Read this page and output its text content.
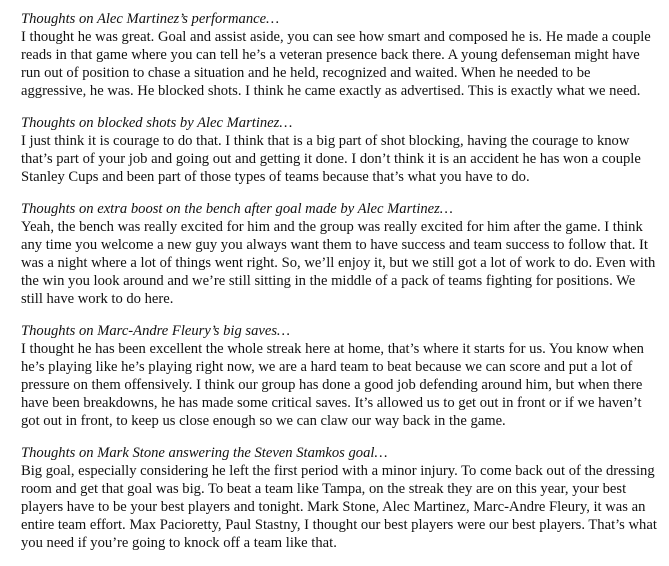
Thoughts on Alec Martinez’s performance…

I thought he was great. Goal and assist aside, you can see how smart and composed he is. He made a couple reads in that game where you can tell he’s a veteran presence back there. A young defenseman might have run out of position to chase a situation and he held, recognized and waited. When he needed to be aggressive, he was. He blocked shots. I think he came exactly as advertised. This is exactly what we need.

Thoughts on blocked shots by Alec Martinez…

I just think it is courage to do that. I think that is a big part of shot blocking, having the courage to know that’s part of your job and going out and getting it done. I don’t think it is an accident he has won a couple Stanley Cups and been part of those types of teams because that’s what you have to do.

Thoughts on extra boost on the bench after goal made by Alec Martinez…

Yeah, the bench was really excited for him and the group was really excited for him after the game. I think any time you welcome a new guy you always want them to have success and team success to follow that. It was a night where a lot of things went right. So, we’ll enjoy it, but we still got a lot of work to do. Even with the win you look around and we’re still sitting in the middle of a pack of teams fighting for positions. We still have work to do here.

Thoughts on Marc-Andre Fleury’s big saves…

I thought he has been excellent the whole streak here at home, that’s where it starts for us. You know when he’s playing like he’s playing right now, we are a hard team to beat because we can score and put a lot of pressure on them offensively. I think our group has done a good job defending around him, but when there have been breakdowns, he has made some critical saves. It’s allowed us to get out in front or if we haven’t got out in front, to keep us close enough so we can claw our way back in the game.

Thoughts on Mark Stone answering the Steven Stamkos goal…

Big goal, especially considering he left the first period with a minor injury. To come back out of the dressing room and get that goal was big. To beat a team like Tampa, on the streak they are on this year, your best players have to be your best players and tonight. Mark Stone, Alec Martinez, Marc-Andre Fleury, it was an entire team effort. Max Pacioretty, Paul Stastny, I thought our best players were our best players. That’s what you need if you’re going to knock off a team like that.
